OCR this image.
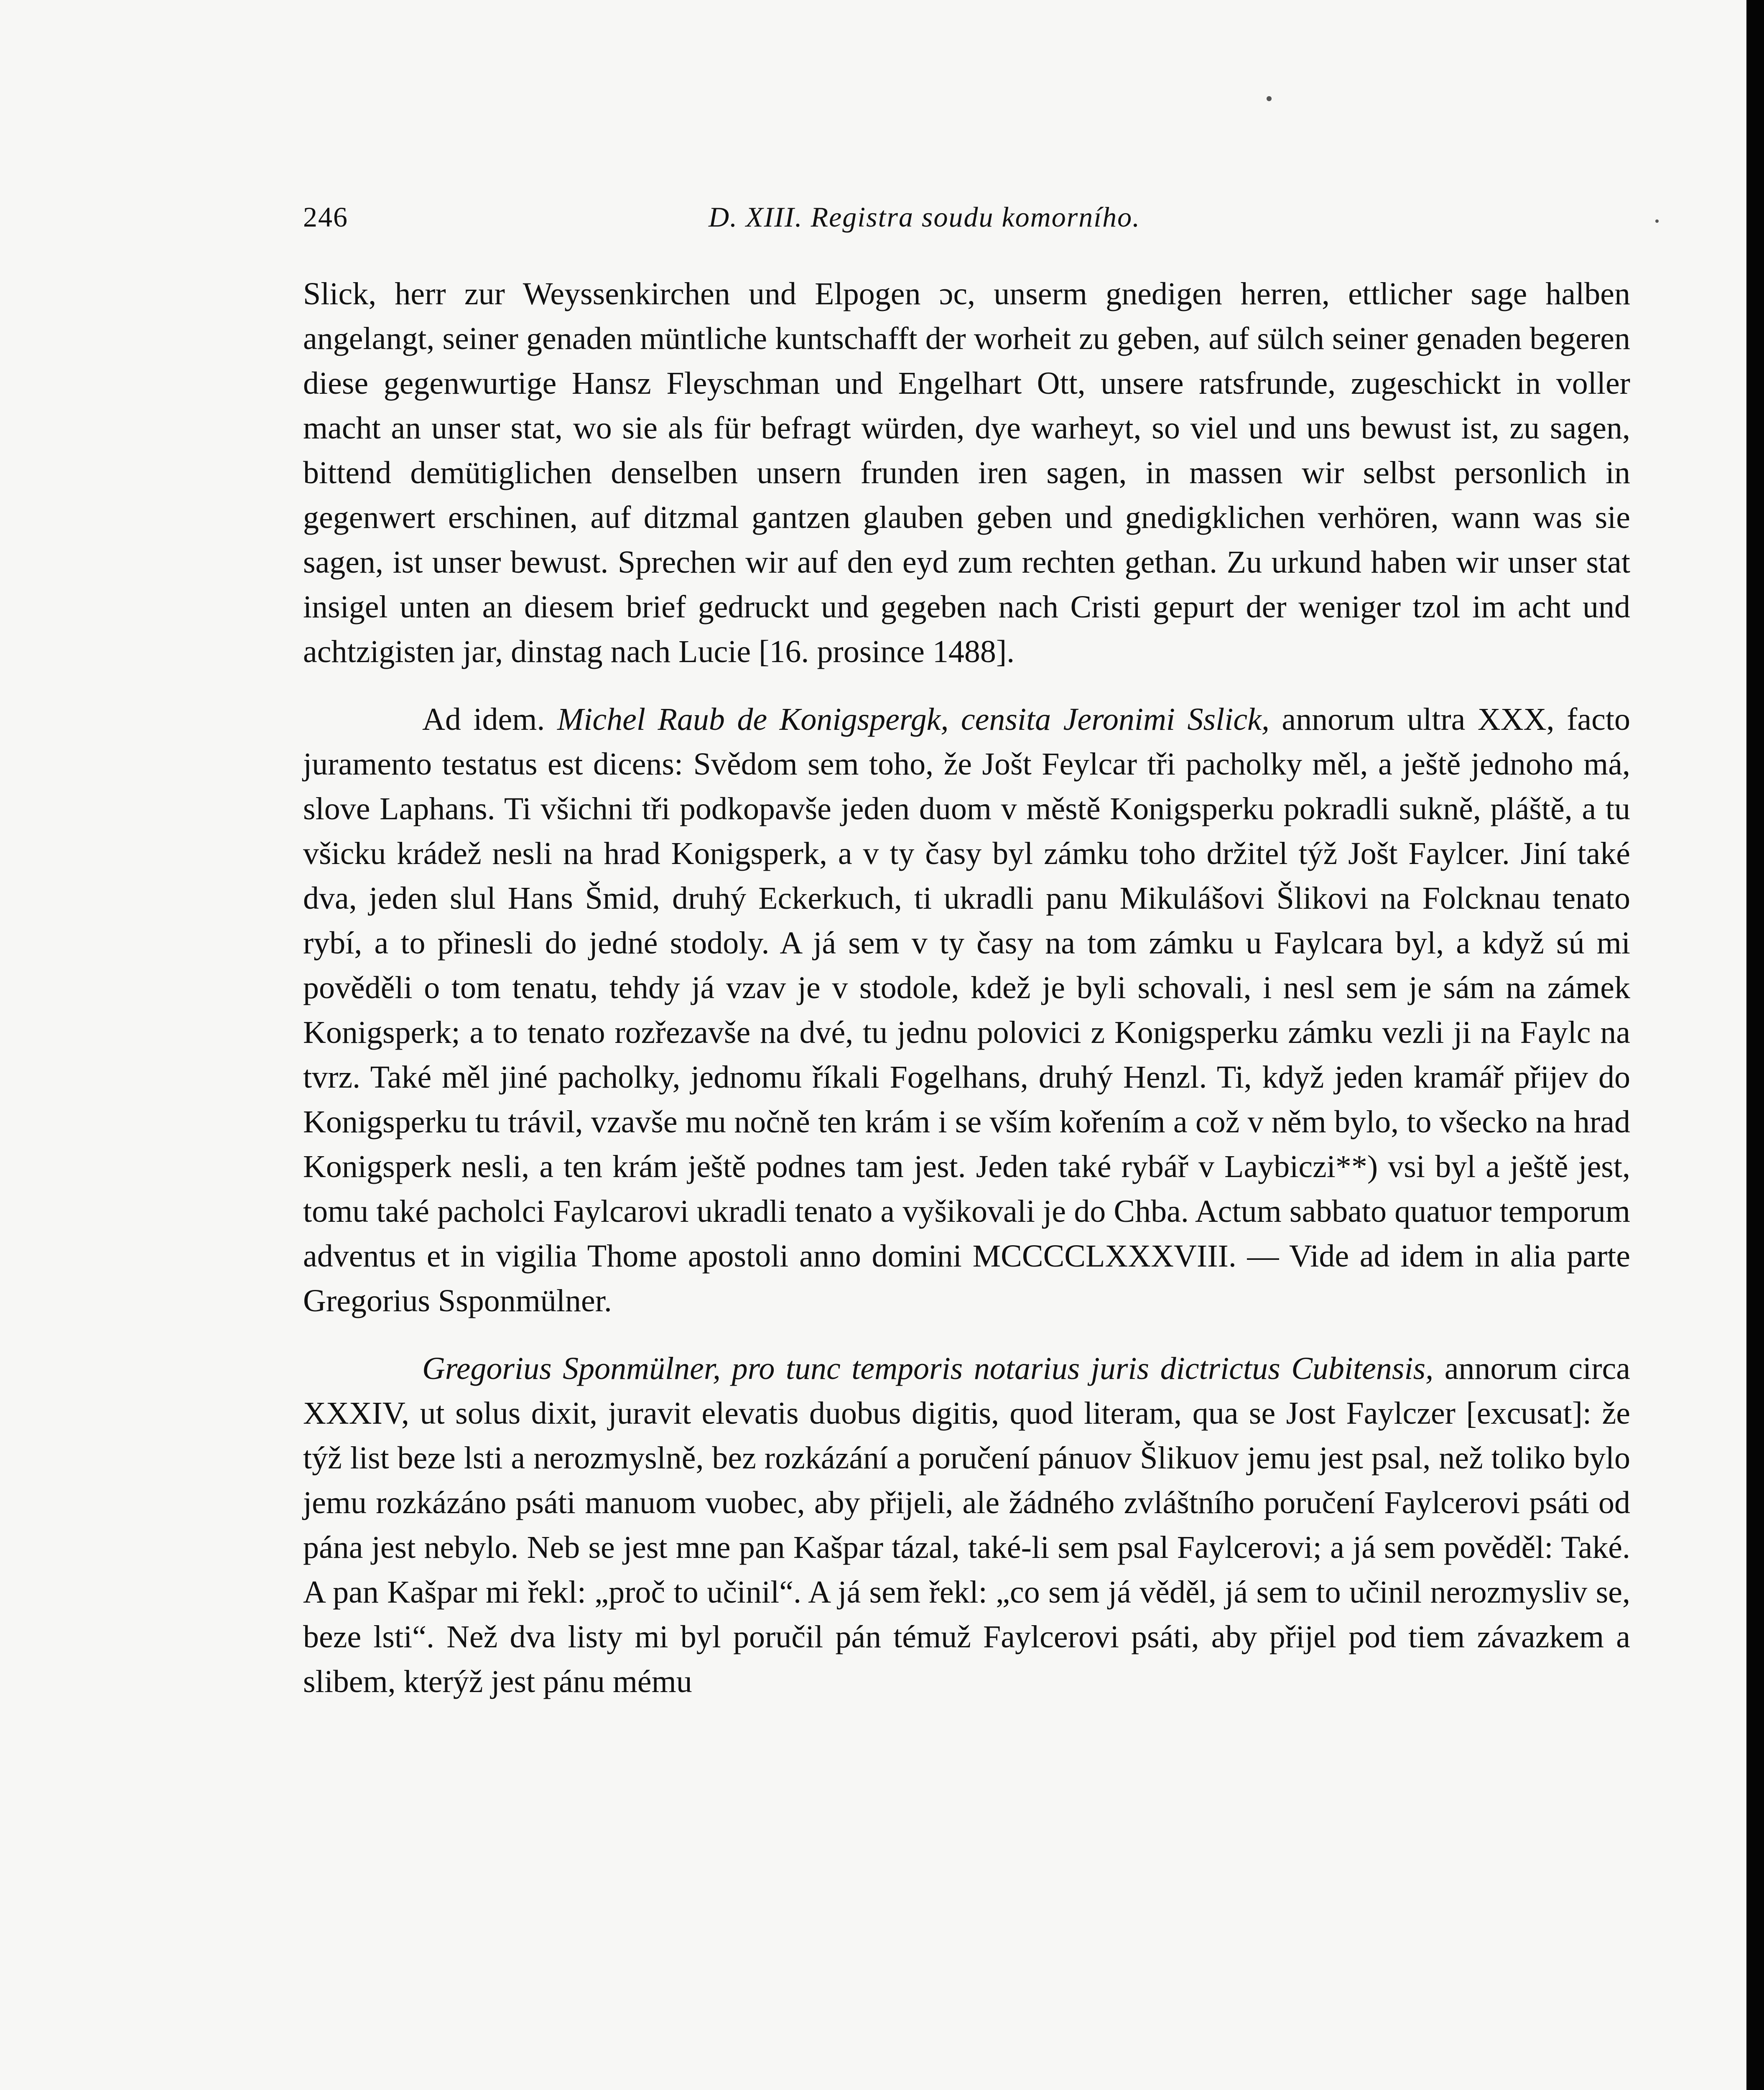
246	D. XIII. Registra soudu komorního.

Slick, herr zur Weyssenkirchen und Elpogen ɔc, unserm gnedigen herren, ettlicher sage halben angelangt, seiner genaden müntliche kuntschafft der worheit zu geben, auf sülch seiner genaden begeren diese gegenwurtige Hansz Fleyschman und Engelhart Ott, unsere ratsfrunde, zugeschickt in voller macht an unser stat, wo sie als für befragt würden, dye warheyt, so viel und uns bewust ist, zu sagen, bittend demütiglichen denselben unsern frunden iren sagen, in massen wir selbst personlich in gegenwert erschinen, auf ditzmal gantzen glauben geben und gnedigklichen verhören, wann was sie sagen, ist unser bewust. Sprechen wir auf den eyd zum rechten gethan. Zu urkund haben wir unser stat insigel unten an diesem brief gedruckt und gegeben nach Cristi gepurt der weniger tzol im acht und achtzigisten jar, dinstag nach Lucie [16. prosince 1488].

Ad idem. Michel Raub de Konigspergk, censita Jeronimi Sslick, annorum ultra XXX, facto juramento testatus est dicens: Svědom sem toho, že Jošt Feylcar tři pacholky měl, a ještě jednoho má, slove Laphans. Ti všichni tři podkopavše jeden duom v městě Konigsperku pokradli sukně, pláště, a tu všicku krádež nesli na hrad Konigsperk, a v ty časy byl zámku toho držitel týž Jošt Faylcer. Jiní také dva, jeden slul Hans Šmid, druhý Eckerkuch, ti ukradli panu Mikulášovi Šlikovi na Folcknau tenato rybí, a to přinesli do jedné stodoly. A já sem v ty časy na tom zámku u Faylcara byl, a když sú mi pověděli o tom tenatu, tehdy já vzav je v stodole, kdež je byli schovali, i nesl sem je sám na zámek Konigsperk; a to tenato rozřezavše na dvé, tu jednu polovici z Konigsperku zámku vezli ji na Faylc na tvrz. Také měl jiné pacholky, jednomu říkali Fogelhans, druhý Henzl. Ti, když jeden kramář přijev do Konigsperku tu trávil, vzavše mu nočně ten krám i se vším kořením a což v něm bylo, to všecko na hrad Konigsperk nesli, a ten krám ještě podnes tam jest. Jeden také rybář v Laybiczi**) vsi byl a ještě jest, tomu také pacholci Faylcarovi ukradli tenato a vyšikovali je do Chba. Actum sabbato quatuor temporum adventus et in vigilia Thome apostoli anno domini MCCCCLXXXVIII. — Vide ad idem in alia parte Gregorius Ssponmülner.

Gregorius Sponmülner, pro tunc temporis notarius juris dictrictus Cubitensis, annorum circa XXXIV, ut solus dixit, juravit elevatis duobus digitis, quod literam, qua se Jost Faylczer [excusat]: že týž list beze lsti a nerozmyslně, bez rozkázání a poručení pánuov Šlikuov jemu jest psal, než toliko bylo jemu rozkázáno psáti manuom vuobec, aby přijeli, ale žádného zvláštního poručení Faylcerovi psáti od pána jest nebylo. Neb se jest mne pan Kašpar tázal, také-li sem psal Faylcerovi; a já sem pověděl: Také. A pan Kašpar mi řekl: „proč to učinil“. A já sem řekl: „co sem já věděl, já sem to učinil nerozmysliv se, beze lsti“. Než dva listy mi byl poručil pán témuž Faylcerovi psáti, aby přijel pod tiem závazkem a slibem, kterýž jest pánu mému
